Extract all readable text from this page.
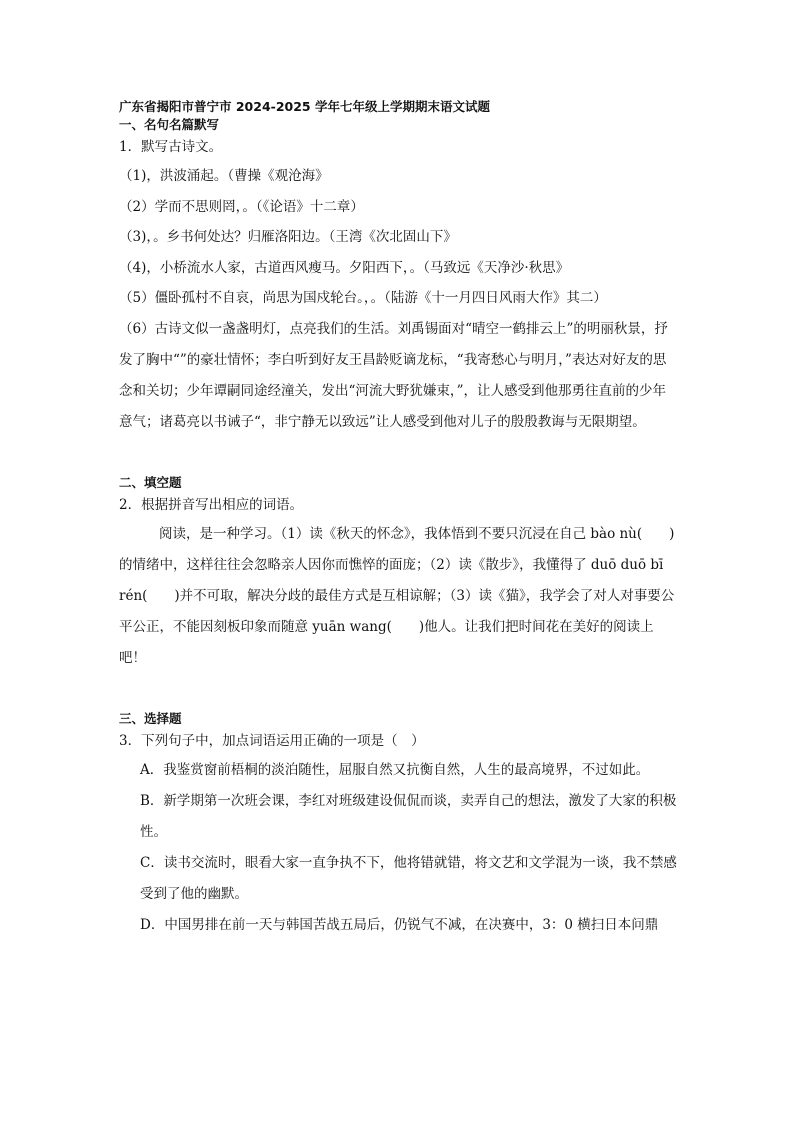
广东省揭阳市普宁市 2024-2025 学年七年级上学期期末语文试题

一、名句名篇默写

1．默写古诗文。

（1)，洪波涌起。（曹操《观沧海》

（2）学而不思则罔，。（《论语》十二章）

（3)，。乡书何处达？归雁洛阳边。（王湾《次北固山下》

（4)，小桥流水人家，古道西风瘦马。夕阳西下，。（马致远《天净沙·秋思》

（5）僵卧孤村不自哀，尚思为国戍轮台。，。（陆游《十一月四日风雨大作》其二）

（6）古诗文似一盏盏明灯，点亮我们的生活。刘禹锡面对“晴空一鹤排云上”的明丽秋景，抒发了胸中“”的豪壮情怀；李白听到好友王昌龄贬谪龙标，“我寄愁心与明月，”表达对好友的思念和关切；少年谭嗣同途经潼关，发出“河流大野犹嫌束，”，让人感受到他那勇往直前的少年意气；诸葛亮以书诫子“，非宁静无以致远”让人感受到他对儿子的殷殷教诲与无限期望。

二、填空题

2．根据拼音写出相应的词语。

阅读，是一种学习。（1）读《秋天的怀念》，我体悟到不要只沉浸在自己 bào nù(　　)的情绪中，这样往往会忽略亲人因你而憔悴的面庞；（2）读《散步》，我懂得了 duō duō bī rén(　　)并不可取，解决分歧的最佳方式是互相谅解；（3）读《猫》，我学会了对人对事要公平公正，不能因刻板印象而随意 yuān wang(　　)他人。让我们把时间花在美好的阅读上吧！

三、选择题

3．下列句子中，加点词语运用正确的一项是（　）

A．我鉴赏窗前梧桐的淡泊随性，屈服自然又抗衡自然，人生的最高境界，不过如此。

B．新学期第一次班会课，李红对班级建设侃侃而谈，卖弄自己的想法，激发了大家的积极性。

C．读书交流时，眼看大家一直争执不下，他将错就错，将文艺和文学混为一谈，我不禁感受到了他的幽默。

D．中国男排在前一天与韩国苦战五局后，仍锐气不减，在决赛中，3：0 横扫日本问鼎
